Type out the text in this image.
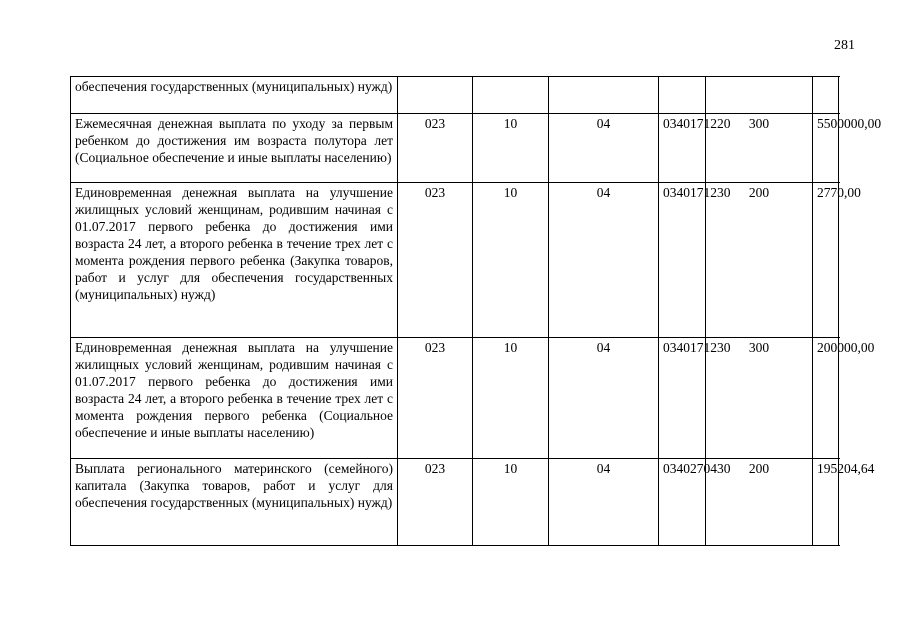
281
обеспечения государственных (муниципальных) нужд)						
Ежемесячная денежная выплата по уходу за первым ребенком до достижения им возраста полутора лет (Социальное обеспечение и иные выплаты населению)	023	10	04	0340171220	300	5500000,00
Единовременная денежная выплата на улучшение жилищных условий женщинам, родившим начиная с 01.07.2017 первого ребенка до достижения ими возраста 24 лет, а второго ребенка в течение трех лет с момента рождения первого ребенка (Закупка товаров, работ и услуг для обеспечения государственных (муниципальных) нужд)	023	10	04	0340171230	200	2770,00
Единовременная денежная выплата на улучшение жилищных условий женщинам, родившим начиная с 01.07.2017 первого ребенка до достижения ими возраста 24 лет, а второго ребенка в течение трех лет с момента рождения первого ребенка (Социальное обеспечение и иные выплаты населению)	023	10	04	0340171230	300	200000,00
Выплата регионального материнского (семейного) капитала (Закупка товаров, работ и услуг для обеспечения государственных (муниципальных) нужд)	023	10	04	0340270430	200	195204,64
